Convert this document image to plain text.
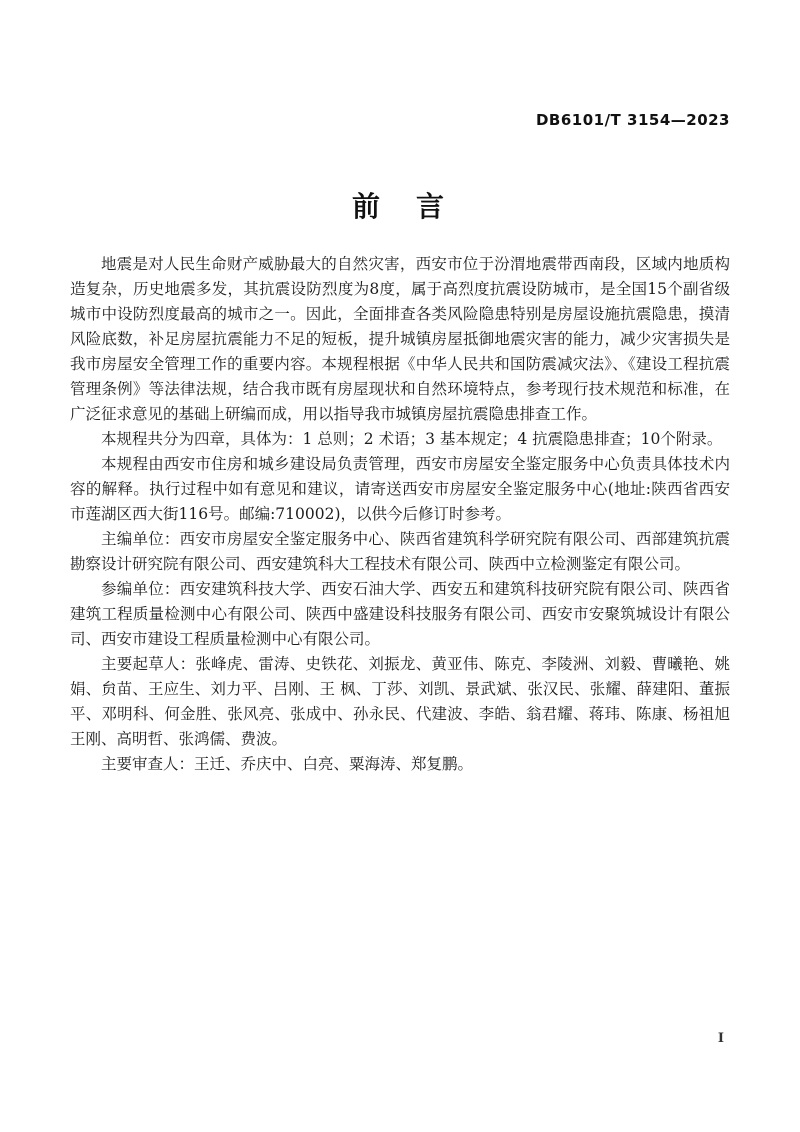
DB6101/T 3154—2023
前　言

地震是对人民生命财产威胁最大的自然灾害，西安市位于汾渭地震带西南段，区域内地质构造复杂，历史地震多发，其抗震设防烈度为8度，属于高烈度抗震设防城市，是全国15个副省级城市中设防烈度最高的城市之一。因此，全面排查各类风险隐患特别是房屋设施抗震隐患，摸清风险底数，补足房屋抗震能力不足的短板，提升城镇房屋抵御地震灾害的能力，减少灾害损失是我市房屋安全管理工作的重要内容。本规程根据《中华人民共和国防震减灾法》、《建设工程抗震管理条例》等法律法规，结合我市既有房屋现状和自然环境特点，参考现行技术规范和标准，在广泛征求意见的基础上研编而成，用以指导我市城镇房屋抗震隐患排查工作。

本规程共分为四章，具体为：1 总则；2 术语；3 基本规定；4 抗震隐患排查；10个附录。

本规程由西安市住房和城乡建设局负责管理，西安市房屋安全鉴定服务中心负责具体技术内容的解释。执行过程中如有意见和建议，请寄送西安市房屋安全鉴定服务中心(地址:陕西省西安市莲湖区西大街116号。邮编:710002)，以供今后修订时参考。

主编单位：西安市房屋安全鉴定服务中心、陕西省建筑科学研究院有限公司、西部建筑抗震勘察设计研究院有限公司、西安建筑科大工程技术有限公司、陕西中立检测鉴定有限公司。

参编单位：西安建筑科技大学、西安石油大学、西安五和建筑科技研究院有限公司、陕西省建筑工程质量检测中心有限公司、陕西中盛建设科技服务有限公司、西安市安聚筑城设计有限公司、西安市建设工程质量检测中心有限公司。

主要起草人：张峰虎、雷涛、史铁花、刘振龙、黄亚伟、陈克、李陵洲、刘毅、曹曦艳、姚娟、贠苗、王应生、刘力平、吕刚、王 枫、丁莎、刘凯、景武斌、张汉民、张耀、薛建阳、董振平、邓明科、何金胜、张风亮、张成中、孙永民、代建波、李皓、翁君耀、蒋玮、陈康、杨祖旭　王刚、高明哲、张鸿儒、费波。

主要审查人：王迁、乔庆中、白亮、粟海涛、郑复鹏。

I
